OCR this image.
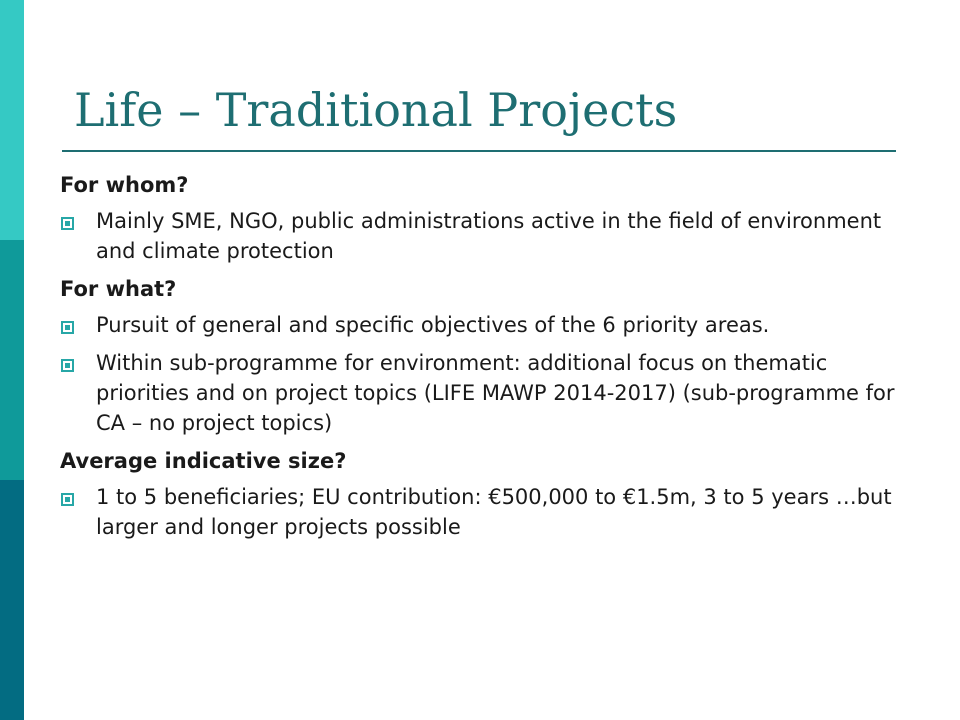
Life – Traditional Projects

For whom?

Mainly SME, NGO, public administrations active in the field of environment and climate protection

For what?

Pursuit of general and specific objectives of the 6 priority areas.

Within sub-programme for environment: additional focus on thematic priorities and on project topics (LIFE MAWP 2014-2017) (sub-programme for CA – no project topics)

Average indicative size?

1 to 5 beneficiaries; EU contribution: €500,000 to €1.5m, 3 to 5 years …but larger and longer projects possible
